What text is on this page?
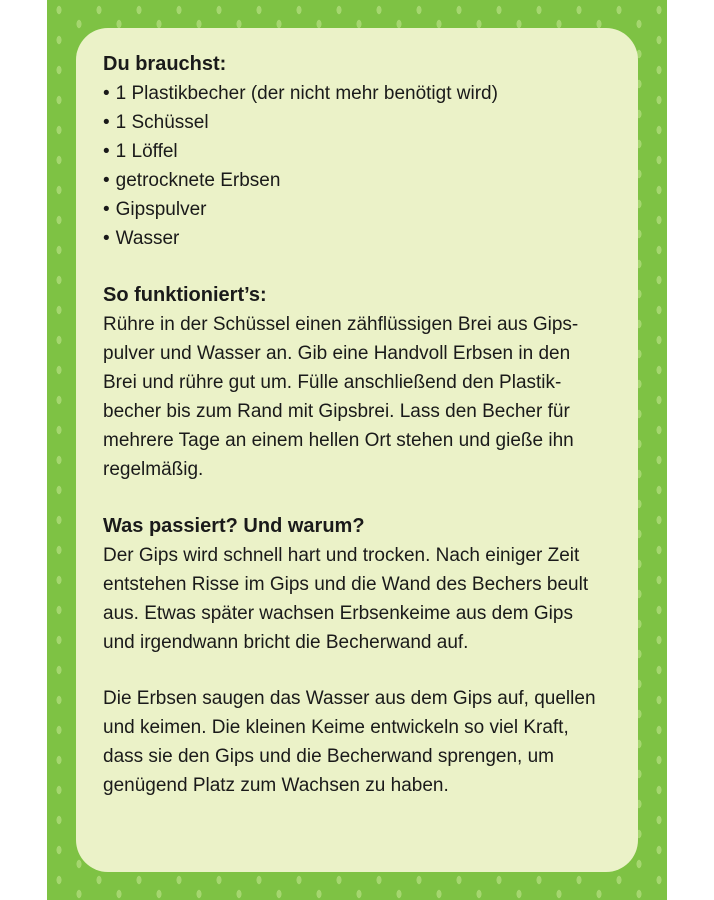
Du brauchst:

• 1 Plastikbecher (der nicht mehr benötigt wird)
• 1 Schüssel
• 1 Löffel
• getrocknete Erbsen
• Gipspulver
• Wasser

So funktioniert’s:

Rühre in der Schüssel einen zähflüssigen Brei aus Gips-
pulver und Wasser an. Gib eine Handvoll Erbsen in den
Brei und rühre gut um. Fülle anschließend den Plastik-
becher bis zum Rand mit Gipsbrei. Lass den Becher für
mehrere Tage an einem hellen Ort stehen und gieße ihn
regelmäßig.

Was passiert? Und warum?

Der Gips wird schnell hart und trocken. Nach einiger Zeit
entstehen Risse im Gips und die Wand des Bechers beult
aus. Etwas später wachsen Erbsenkeime aus dem Gips
und irgendwann bricht die Becherwand auf.
Die Erbsen saugen das Wasser aus dem Gips auf, quellen
und keimen. Die kleinen Keime entwickeln so viel Kraft,
dass sie den Gips und die Becherwand sprengen, um
genügend Platz zum Wachsen zu haben.
